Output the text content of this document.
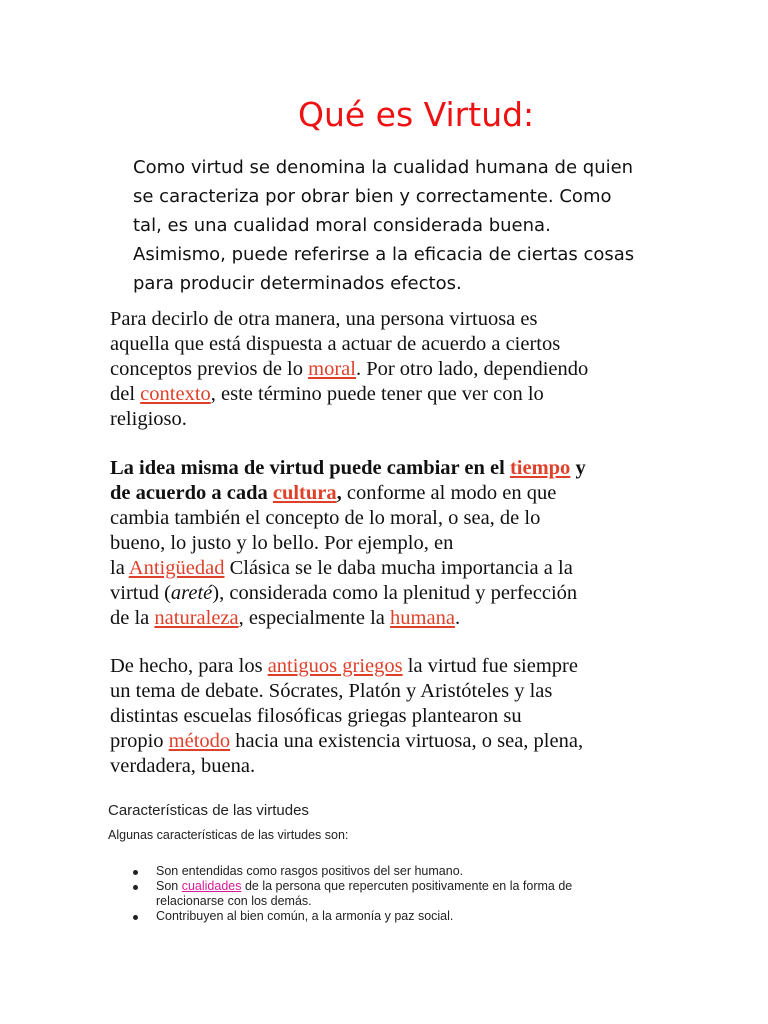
Qué es Virtud:

Como virtud se denomina la cualidad humana de quien
se caracteriza por obrar bien y correctamente. Como
tal, es una cualidad moral considerada buena.
Asimismo, puede referirse a la eficacia de ciertas cosas
para producir determinados efectos.

Para decirlo de otra manera, una persona virtuosa es
aquella que está dispuesta a actuar de acuerdo a ciertos
conceptos previos de lo moral. Por otro lado, dependiendo
del contexto, este término puede tener que ver con lo
religioso.

La idea misma de virtud puede cambiar en el tiempo y
de acuerdo a cada cultura, conforme al modo en que
cambia también el concepto de lo moral, o sea, de lo
bueno, lo justo y lo bello. Por ejemplo, en
la Antigüedad Clásica se le daba mucha importancia a la
virtud (areté), considerada como la plenitud y perfección
de la naturaleza, especialmente la humana.

De hecho, para los antiguos griegos la virtud fue siempre
un tema de debate. Sócrates, Platón y Aristóteles y las
distintas escuelas filosóficas griegas plantearon su
propio método hacia una existencia virtuosa, o sea, plena,
verdadera, buena.

Características de las virtudes

Algunas características de las virtudes son:

Son entendidas como rasgos positivos del ser humano.
Son cualidades de la persona que repercuten positivamente en la forma de
relacionarse con los demás.
Contribuyen al bien común, a la armonía y paz social.
